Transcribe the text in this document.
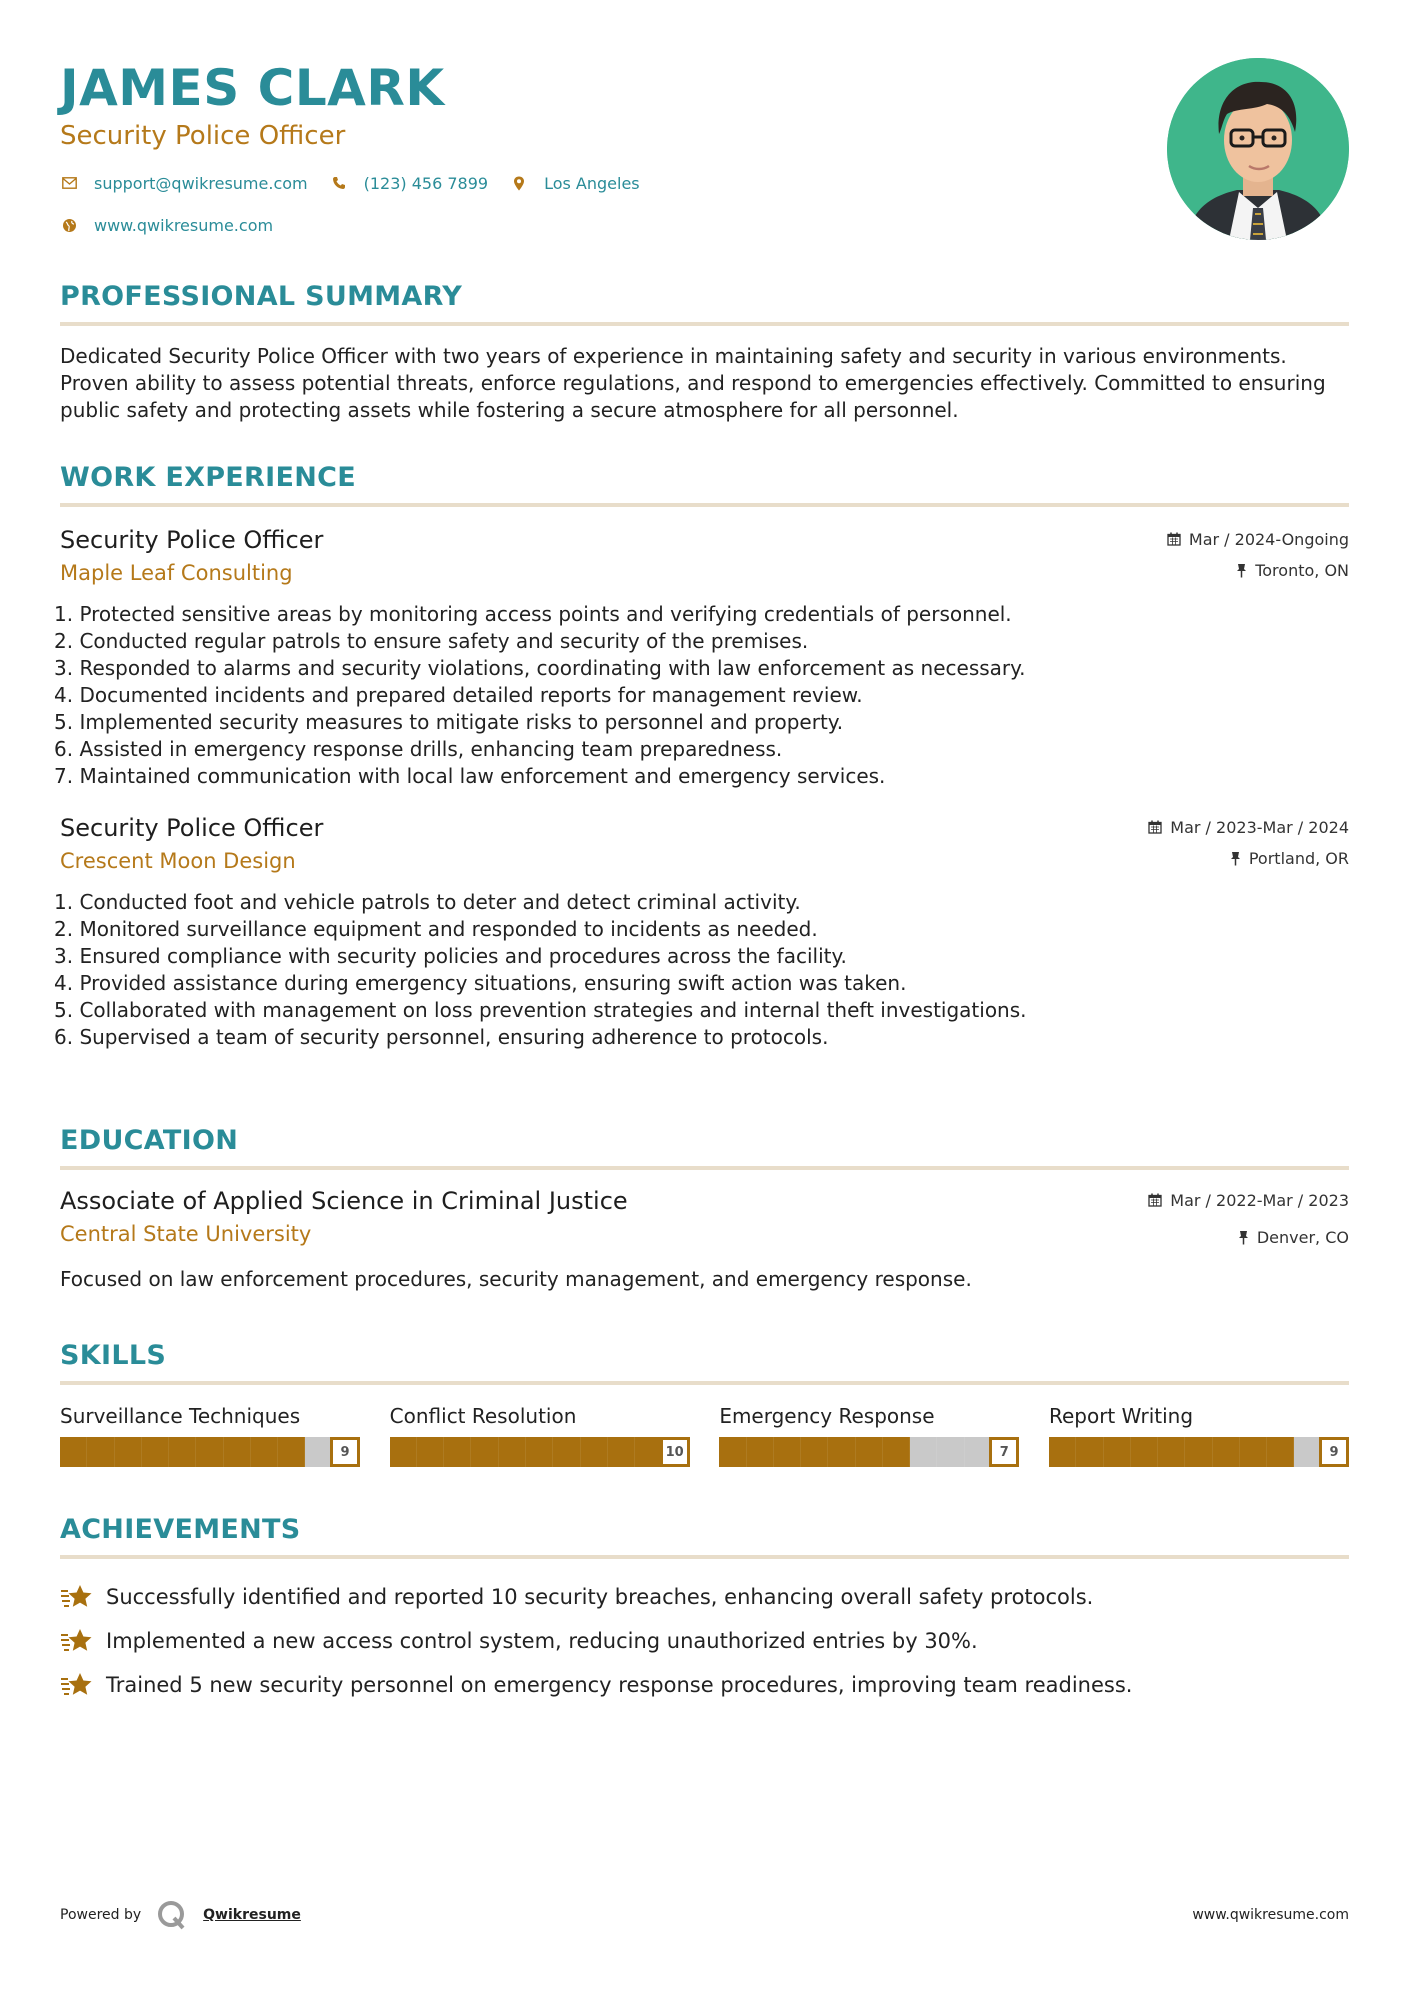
JAMES CLARK
Security Police Officer
support@qwikresume.com	(123) 456 7899	Los Angeles
www.qwikresume.com
PROFESSIONAL SUMMARY
Dedicated Security Police Officer with two years of experience in maintaining safety and security in various environments. Proven ability to assess potential threats, enforce regulations, and respond to emergencies effectively. Committed to ensuring public safety and protecting assets while fostering a secure atmosphere for all personnel.
WORK EXPERIENCE
Security Police Officer
Maple Leaf Consulting
Mar / 2024-Ongoing
Toronto, ON
1. Protected sensitive areas by monitoring access points and verifying credentials of personnel.
2. Conducted regular patrols to ensure safety and security of the premises.
3. Responded to alarms and security violations, coordinating with law enforcement as necessary.
4. Documented incidents and prepared detailed reports for management review.
5. Implemented security measures to mitigate risks to personnel and property.
6. Assisted in emergency response drills, enhancing team preparedness.
7. Maintained communication with local law enforcement and emergency services.
Security Police Officer
Crescent Moon Design
Mar / 2023-Mar / 2024
Portland, OR
1. Conducted foot and vehicle patrols to deter and detect criminal activity.
2. Monitored surveillance equipment and responded to incidents as needed.
3. Ensured compliance with security policies and procedures across the facility.
4. Provided assistance during emergency situations, ensuring swift action was taken.
5. Collaborated with management on loss prevention strategies and internal theft investigations.
6. Supervised a team of security personnel, ensuring adherence to protocols.
EDUCATION
Associate of Applied Science in Criminal Justice
Central State University
Mar / 2022-Mar / 2023
Denver, CO
Focused on law enforcement procedures, security management, and emergency response.
SKILLS
Surveillance Techniques
9
Conflict Resolution
10
Emergency Response
7
Report Writing
9
ACHIEVEMENTS
Successfully identified and reported 10 security breaches, enhancing overall safety protocols.
Implemented a new access control system, reducing unauthorized entries by 30%.
Trained 5 new security personnel on emergency response procedures, improving team readiness.
Powered by	Qwikresume	www.qwikresume.com
